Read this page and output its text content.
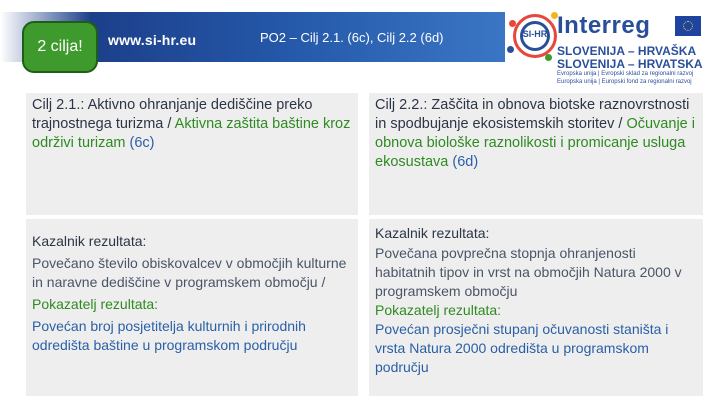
www.si-hr.eu	PO2 – Cilj 2.1. (6c), Cilj 2.2 (6d)
2 cilja!
SI-HR Interreg
SLOVENIJA – HRVAŠKA
SLOVENIJA – HRVATSKA
Evropska unija | Evropski sklad za regionalni razvoj
Europska unija | Europski fond za regionalni razvoj

Cilj 2.1.: Aktivno ohranjanje dediščine preko trajnostnega turizma / Aktivna zaštita baštine kroz održivi turizam (6c)

Cilj 2.2.: Zaščita in obnova biotske raznovrstnosti in spodbujanje ekosistemskih storitev / Očuvanje i obnova biološke raznolikosti i promicanje usluga ekosustava (6d)

Kazalnik rezultata:

Povečano število obiskovalcev v območjih kulturne in naravne dediščine v programskem območju /

Pokazatelj rezultata:

Povećan broj posjetitelja kulturnih i prirodnih odredišta baštine u programskom području

Kazalnik rezultata:

Povečana povprečna stopnja ohranjenosti habitatnih tipov in vrst na območjih Natura 2000 v programskem območju

Pokazatelj rezultata:

Povećan prosječni stupanj očuvanosti staništa i vrsta Natura 2000 odredišta u programskom području
